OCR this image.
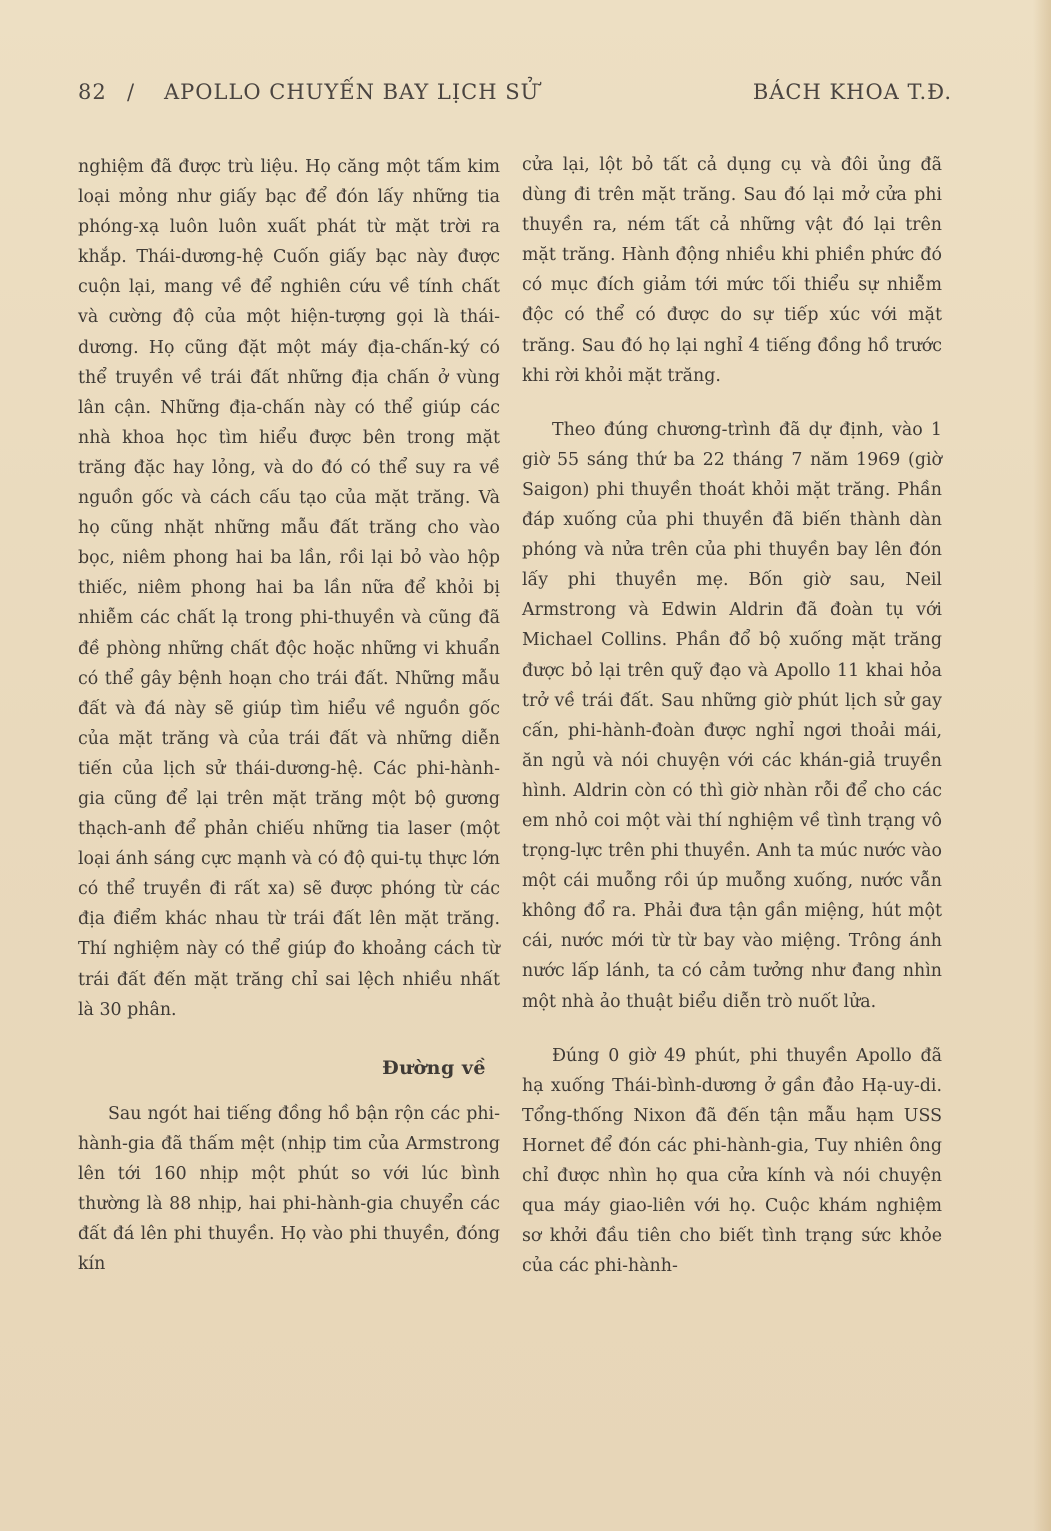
82 / APOLLO CHUYẾN BAY LỊCH SỬ	BÁCH KHOA T.Đ.

nghiệm đã được trù liệu. Họ căng một tấm kim loại mỏng như giấy bạc để đón lấy những tia phóng-xạ luôn luôn xuất phát từ mặt trời ra khắp. Thái-dương-hệ Cuốn giấy bạc này được cuộn lại, mang về để nghiên cứu về tính chất và cường độ của một hiện-tượng gọi là thái-dương. Họ cũng đặt một máy địa-chấn-ký có thể truyền về trái đất những địa chấn ở vùng lân cận. Những địa-chấn này có thể giúp các nhà khoa học tìm hiểu được bên trong mặt trăng đặc hay lỏng, và do đó có thể suy ra về nguồn gốc và cách cấu tạo của mặt trăng. Và họ cũng nhặt những mẫu đất trăng cho vào bọc, niêm phong hai ba lần, rồi lại bỏ vào hộp thiếc, niêm phong hai ba lần nữa để khỏi bị nhiễm các chất lạ trong phi-thuyền và cũng đã đề phòng những chất độc hoặc những vi khuẩn có thể gây bệnh hoạn cho trái đất. Những mẫu đất và đá này sẽ giúp tìm hiểu về nguồn gốc của mặt trăng và của trái đất và những diễn tiến của lịch sử thái-dương-hệ. Các phi-hành-gia cũng để lại trên mặt trăng một bộ gương thạch-anh để phản chiếu những tia laser (một loại ánh sáng cực mạnh và có độ qui-tụ thực lớn có thể truyền đi rất xa) sẽ được phóng từ các địa điểm khác nhau từ trái đất lên mặt trăng. Thí nghiệm này có thể giúp đo khoảng cách từ trái đất đến mặt trăng chỉ sai lệch nhiều nhất là 30 phân.

Đường về

Sau ngót hai tiếng đồng hồ bận rộn các phi-hành-gia đã thấm mệt (nhịp tim của Armstrong lên tới 160 nhịp một phút so với lúc bình thường là 88 nhịp, hai phi-hành-gia chuyển các đất đá lên phi thuyền. Họ vào phi thuyền, đóng kín

cửa lại, lột bỏ tất cả dụng cụ và đôi ủng đã dùng đi trên mặt trăng. Sau đó lại mở cửa phi thuyền ra, ném tất cả những vật đó lại trên mặt trăng. Hành động nhiều khi phiền phức đó có mục đích giảm tới mức tối thiểu sự nhiễm độc có thể có được do sự tiếp xúc với mặt trăng. Sau đó họ lại nghỉ 4 tiếng đồng hồ trước khi rời khỏi mặt trăng.

Theo đúng chương-trình đã dự định, vào 1 giờ 55 sáng thứ ba 22 tháng 7 năm 1969 (giờ Saigon) phi thuyền thoát khỏi mặt trăng. Phần đáp xuống của phi thuyền đã biến thành dàn phóng và nửa trên của phi thuyền bay lên đón lấy phi thuyền mẹ. Bốn giờ sau, Neil Armstrong và Edwin Aldrin đã đoàn tụ với Michael Collins. Phần đổ bộ xuống mặt trăng được bỏ lại trên quỹ đạo và Apollo 11 khai hỏa trở về trái đất. Sau những giờ phút lịch sử gay cấn, phi-hành-đoàn được nghỉ ngơi thoải mái, ăn ngủ và nói chuyện với các khán-giả truyền hình. Aldrin còn có thì giờ nhàn rỗi để cho các em nhỏ coi một vài thí nghiệm về tình trạng vô trọng-lực trên phi thuyền. Anh ta múc nước vào một cái muỗng rồi úp muỗng xuống, nước vẫn không đổ ra. Phải đưa tận gần miệng, hút một cái, nước mới từ từ bay vào miệng. Trông ánh nước lấp lánh, ta có cảm tưởng như đang nhìn một nhà ảo thuật biểu diễn trò nuốt lửa.

Đúng 0 giờ 49 phút, phi thuyền Apollo đã hạ xuống Thái-bình-dương ở gần đảo Hạ-uy-di. Tổng-thống Nixon đã đến tận mẫu hạm USS Hornet để đón các phi-hành-gia, Tuy nhiên ông chỉ được nhìn họ qua cửa kính và nói chuyện qua máy giao-liên với họ. Cuộc khám nghiệm sơ khởi đầu tiên cho biết tình trạng sức khỏe của các phi-hành-
